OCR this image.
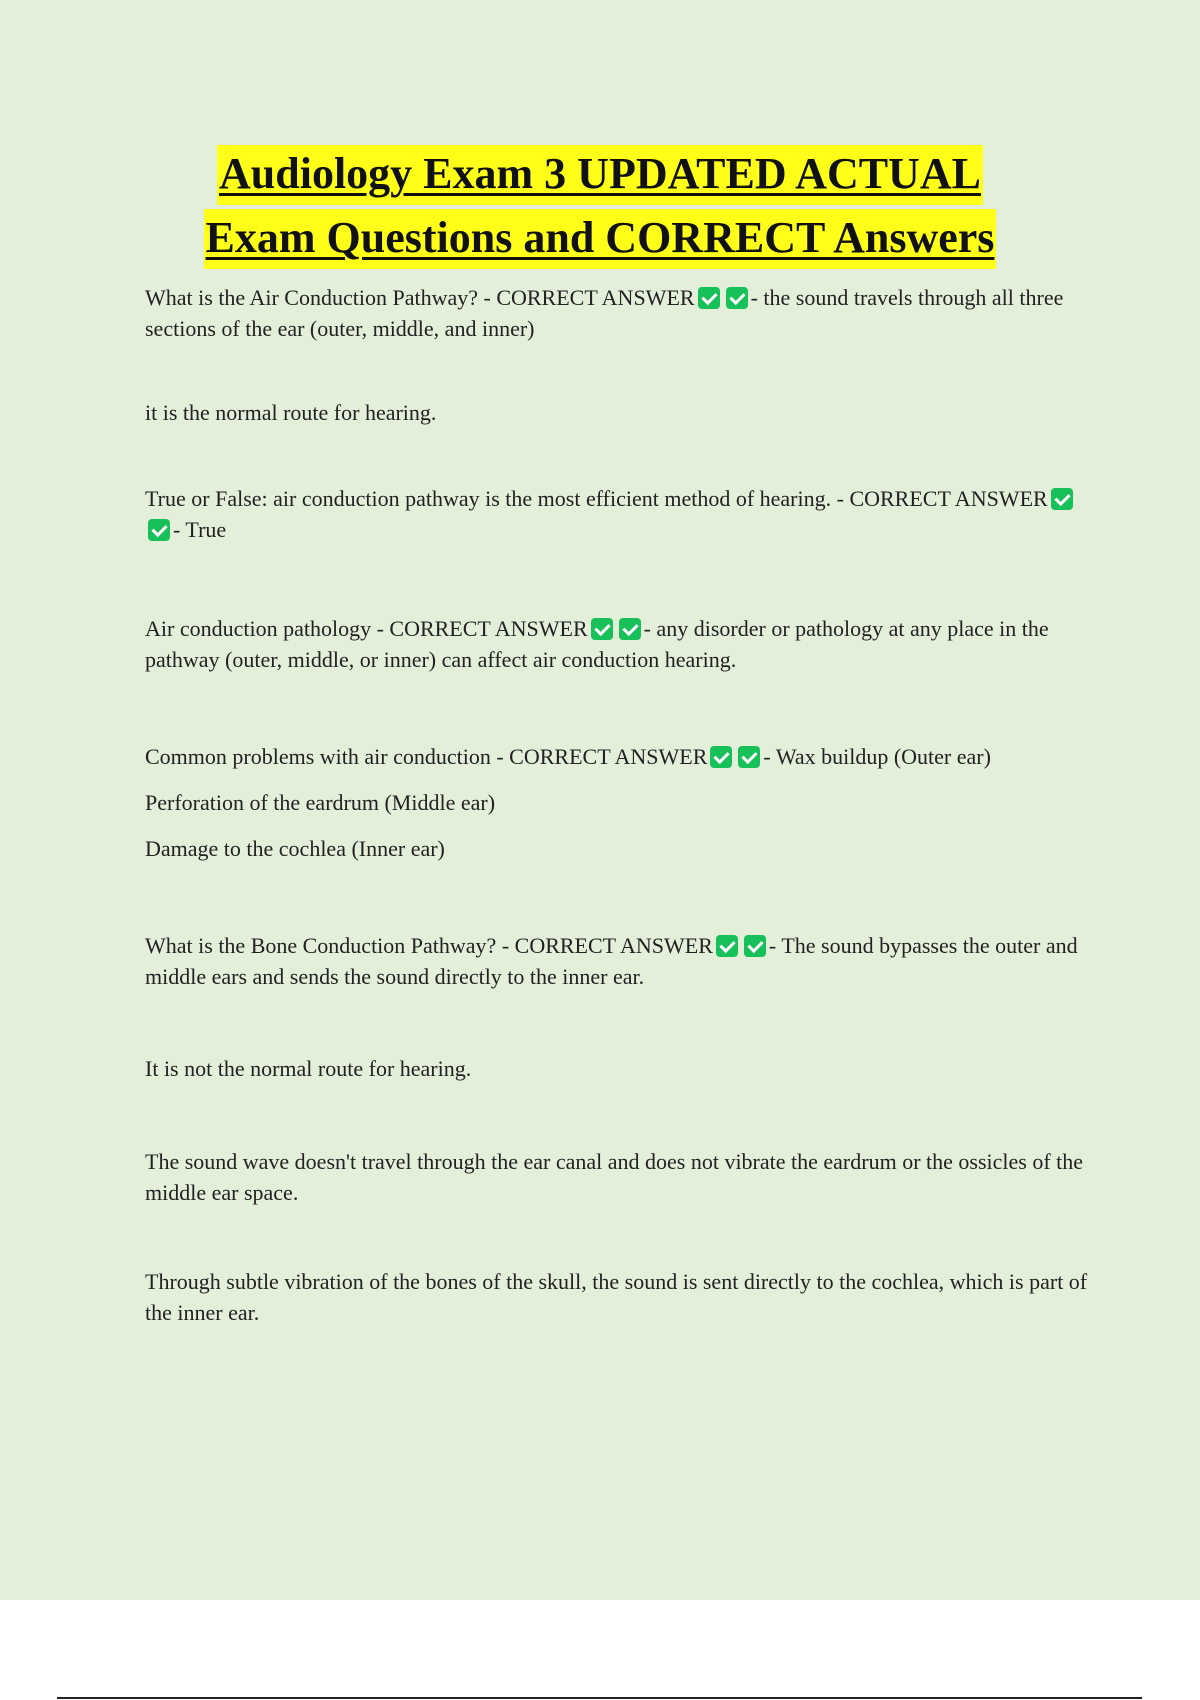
Audiology Exam 3 UPDATED ACTUAL
Exam Questions and CORRECT Answers

What is the Air Conduction Pathway? - CORRECT ANSWER	- the sound travels through all three sections of the ear (outer, middle, and inner)

it is the normal route for hearing.

True or False: air conduction pathway is the most efficient method of hearing. - CORRECT ANSWER- True

Air conduction pathology - CORRECT ANSWER	- any disorder or pathology at any place in the pathway (outer, middle, or inner) can affect air conduction hearing.

Common problems with air conduction - CORRECT ANSWER	- Wax buildup (Outer ear)

Perforation of the eardrum (Middle ear)

Damage to the cochlea (Inner ear)

What is the Bone Conduction Pathway? - CORRECT ANSWER	- The sound bypasses the outer and middle ears and sends the sound directly to the inner ear.

It is not the normal route for hearing.

The sound wave doesn't travel through the ear canal and does not vibrate the eardrum or the ossicles of the middle ear space.

Through subtle vibration of the bones of the skull, the sound is sent directly to the cochlea, which is part of the inner ear.
